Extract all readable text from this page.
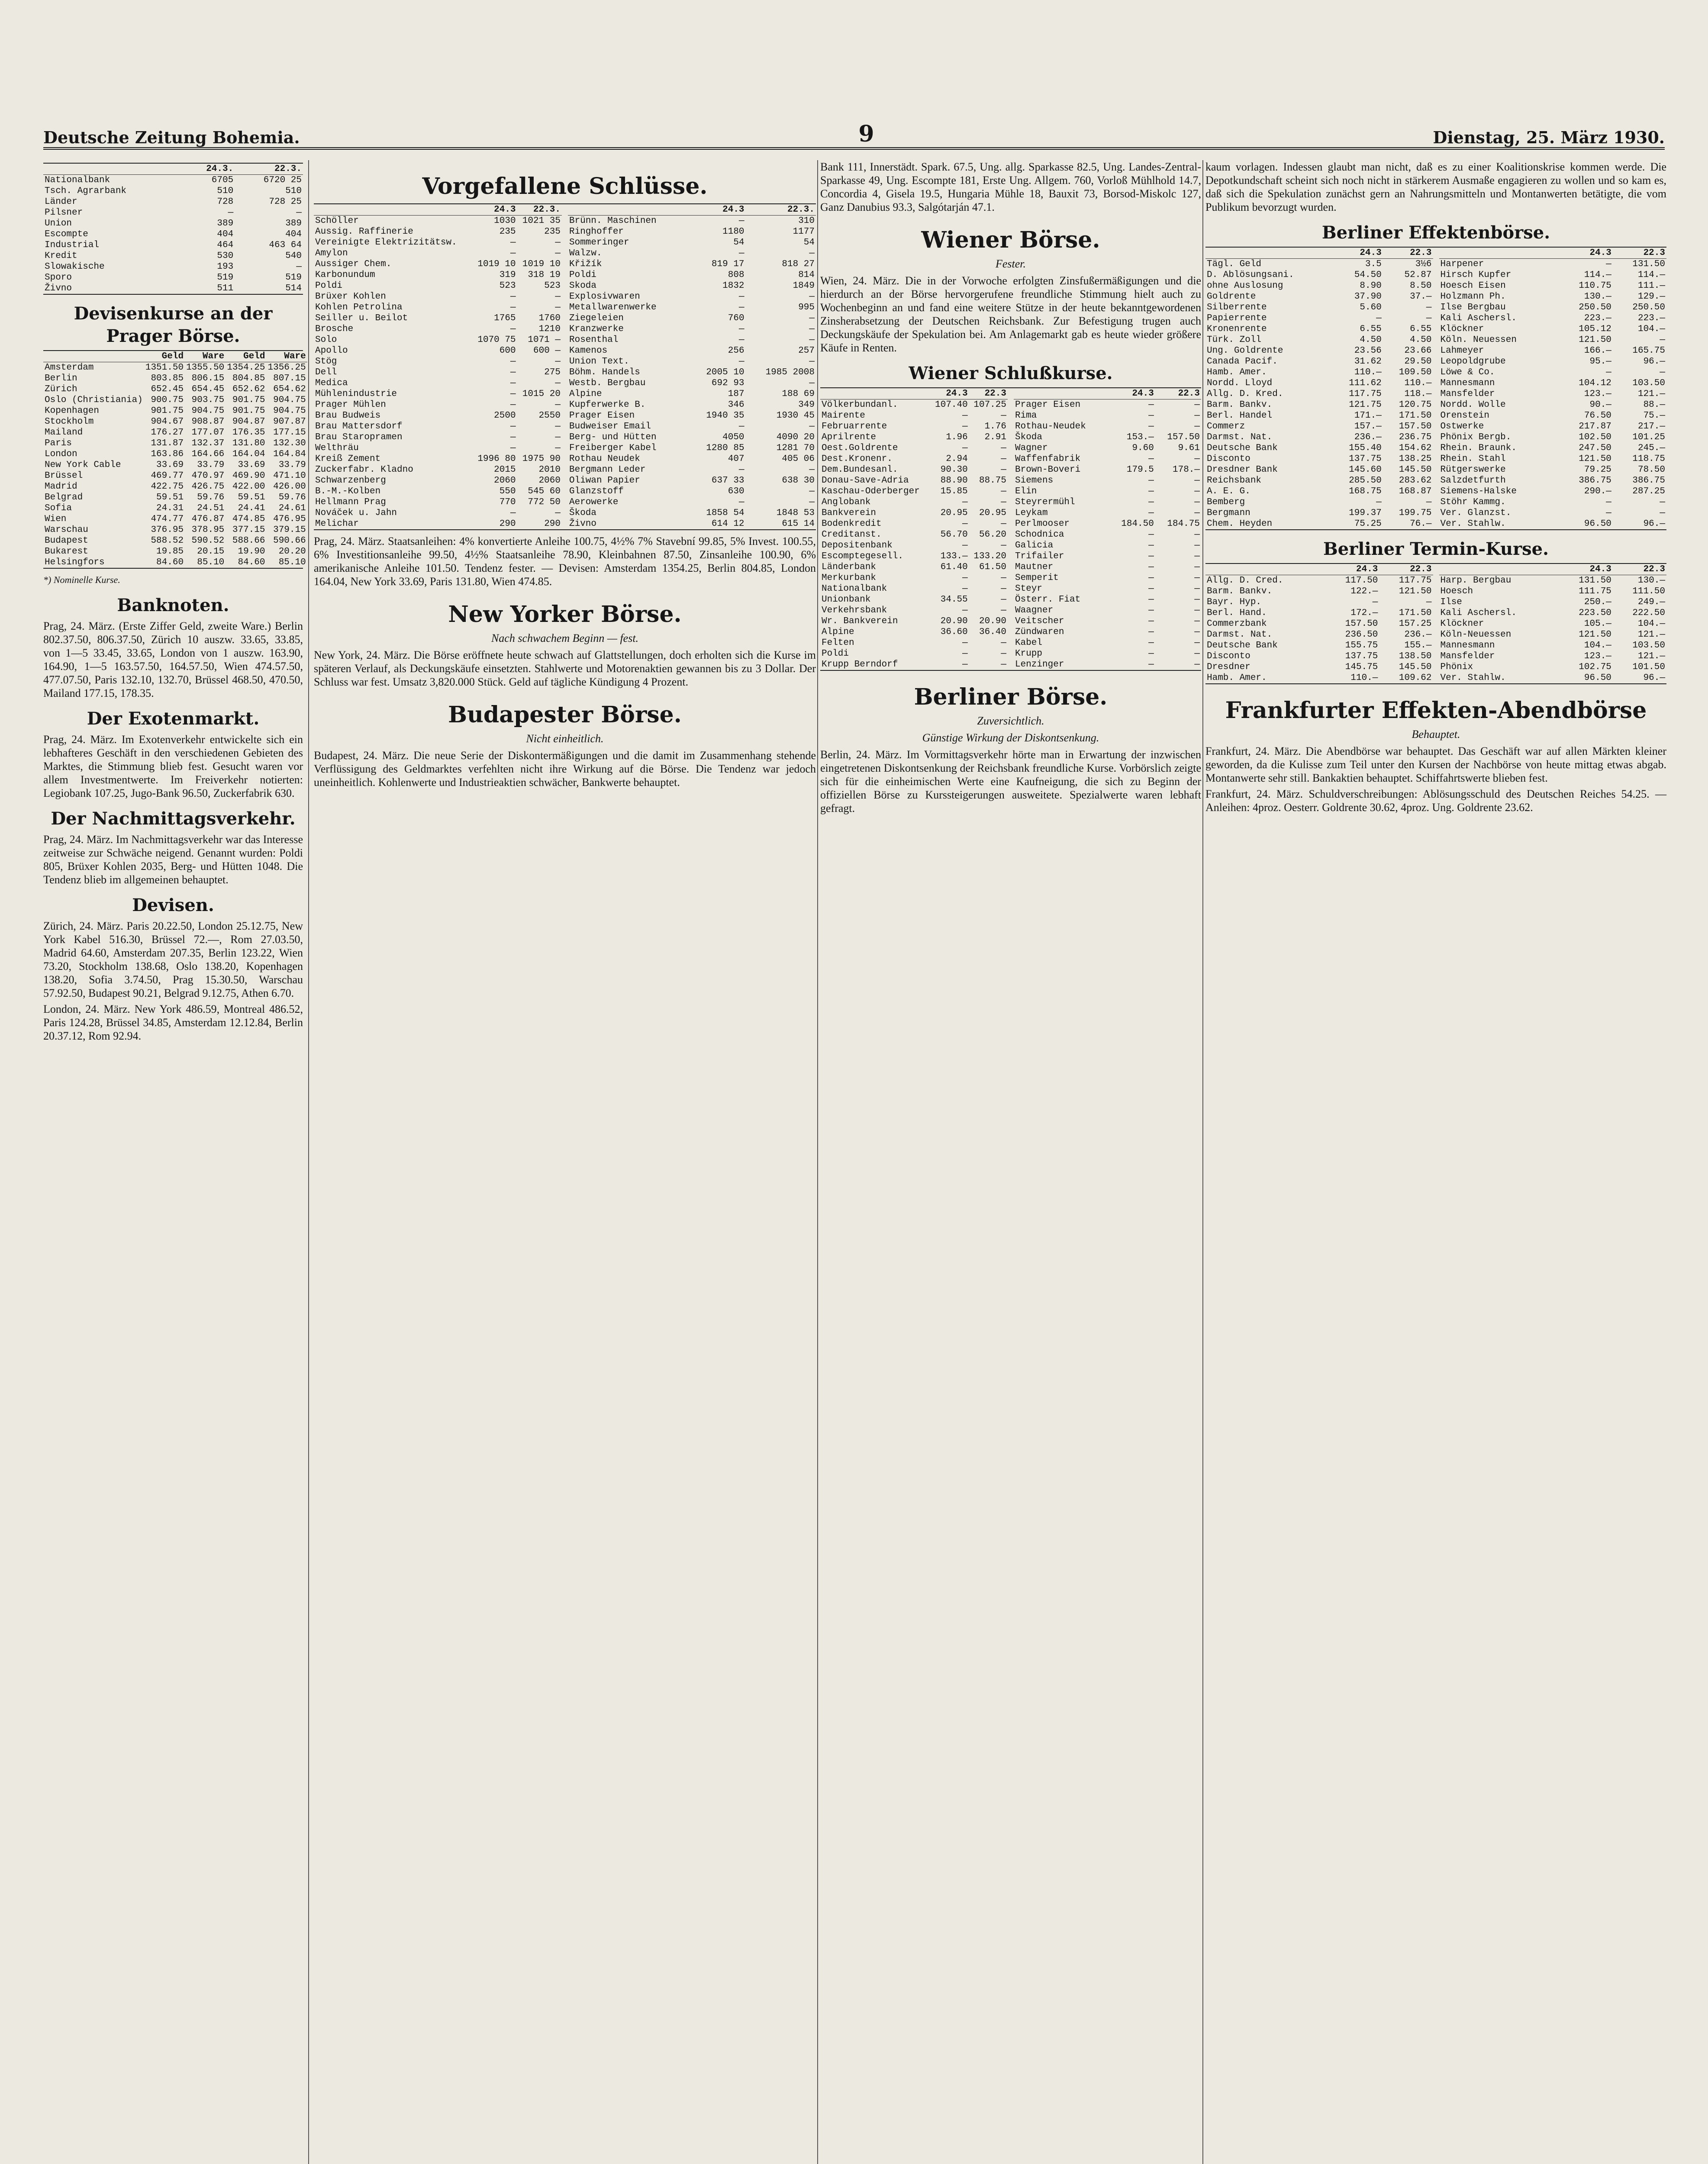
Deutsche Zeitung Bohemia.	9	Dienstag, 25. März 1930.
	24.3.	22.3.
Nationalbank	6705	6720 25
Tsch. Agrarbank	510	510
Länder	728	728 25
Pilsner	—	—
Union	389	389
Escompte	404	404
Industrial	464	463 64
Kredit	530	540
Slowakische	193	—
Sporo	519	519
Živno	511	514
Devisenkurse an der Prager Börse.
	Geld	Ware	Geld	Ware
Amsterdam	1351.50	1355.50	1354.25	1356.25
Berlin	803.85	806.15	804.85	807.15
Zürich	652.45	654.45	652.62	654.62
Oslo (Christiania)	900.75	903.75	901.75	904.75
Kopenhagen	901.75	904.75	901.75	904.75
Stockholm	904.67	908.87	904.87	907.87
Mailand	176.27	177.07	176.35	177.15
Paris	131.87	132.37	131.80	132.30
London	163.86	164.66	164.04	164.84
New York Cable	33.69	33.79	33.69	33.79
Brüssel	469.77	470.97	469.90	471.10
Madrid	422.75	426.75	422.00	426.00
Belgrad	59.51	59.76	59.51	59.76
Sofia	24.31	24.51	24.41	24.61
Wien	474.77	476.87	474.85	476.95
Warschau	376.95	378.95	377.15	379.15
Budapest	588.52	590.52	588.66	590.66
Bukarest	19.85	20.15	19.90	20.20
Helsingfors	84.60	85.10	84.60	85.10
*) Nominelle Kurse.
Banknoten.

Prag, 24. März. (Erste Ziffer Geld, zweite Ware.) Berlin 802.37.50, 806.37.50, Zürich 10 auszw. 33.65, 33.85, von 1—5 33.45, 33.65, London von 1 auszw. 163.90, 164.90, 1—5 163.57.50, 164.57.50, Wien 474.57.50, 477.07.50, Paris 132.10, 132.70, Brüssel 468.50, 470.50, Mailand 177.15, 178.35.

Der Exotenmarkt.

Prag, 24. März. Im Exotenverkehr entwickelte sich ein lebhafteres Geschäft in den verschiedenen Gebieten des Marktes, die Stimmung blieb fest. Gesucht waren vor allem Investmentwerte. Im Freiverkehr notierten: Legiobank 107.25, Jugo-Bank 96.50, Zuckerfabrik 630.

Der Nachmittagsverkehr.

Prag, 24. März. Im Nachmittagsverkehr war das Interesse zeitweise zur Schwäche neigend. Genannt wurden: Poldi 805, Brüxer Kohlen 2035, Berg- und Hütten 1048. Die Tendenz blieb im allgemeinen behauptet.

Devisen.

Zürich, 24. März. Paris 20.22.50, London 25.12.75, New York Kabel 516.30, Brüssel 72.—, Rom 27.03.50, Madrid 64.60, Amsterdam 207.35, Berlin 123.22, Wien 73.20, Stockholm 138.68, Oslo 138.20, Kopenhagen 138.20, Sofia 3.74.50, Prag 15.30.50, Warschau 57.92.50, Budapest 90.21, Belgrad 9.12.75, Athen 6.70.

London, 24. März. New York 486.59, Montreal 486.52, Paris 124.28, Brüssel 34.85, Amsterdam 12.12.84, Berlin 20.37.12, Rom 92.94.

Vorgefallene Schlüsse.
	24.3	22.3.
Schöller	1030	1021 35
Aussig. Raffinerie	235	235
Vereinigte Elektrizitätsw.	—	—
Amylon	—	—
Aussiger Chem.	1019 10	1019 10
Karbonundum	319	318 19
Poldi	523	523
Brüxer Kohlen	—	—
Kohlen Petrolina	—	—
Seiller u. Beilot	1765	1760
Brosche	—	1210
Solo	1070 75	1071 —
Apollo	600	600 —
Stög	—	—
Dell	—	275
Medica	—	—
Mühlenindustrie	—	1015 20
Prager Mühlen	—	—
Brau Budweis	2500	2550
Brau Mattersdorf	—	—
Brau Staropramen	—	—
Welthräu	—	—
Kreiß Zement	1996 80	1975 90
Zuckerfabr. Kladno	2015	2010
Schwarzenberg	2060	2060
B.-M.-Kolben	550	545 60
Hellmann Prag	770	772 50
Nováček u. Jahn	—	—
Melichar	290	290
	24.3	22.3.
Brünn. Maschinen	—	310
Ringhoffer	1180	1177
Sommeringer	54	54
Walzw.	—	—
Křižík	819 17	818 27
Poldi	808	814
Skoda	1832	1849
Explosivwaren	—	—
Metallwarenwerke	—	995
Ziegeleien	760	—
Kranzwerke	—	—
Rosenthal	—	—
Kamenos	256	257
Union Text.	—	—
Böhm. Handels	2005 10	1985 2008
Westb. Bergbau	692 93	—
Alpine	187	188 69
Kupferwerke B.	346	349
Prager Eisen	1940 35	1930 45
Budweiser Email	—	—
Berg- und Hütten	4050	4090 20
Freiberger Kabel	1280 85	1281 70
Rothau Neudek	407	405 06
Bergmann Leder	—	—
Oliwan Papier	637 33	638 30
Glanzstoff	630	—
Aerowerke	—	—
Škoda	1858 54	1848 53
Živno	614 12	615 14

Prag, 24. März. Staatsanleihen: 4% konvertierte Anleihe 100.75, 4½% 7% Stavební 99.85, 5% Invest. 100.55, 6% Investitionsanleihe 99.50, 4½% Staatsanleihe 78.90, Kleinbahnen 87.50, Zinsanleihe 100.90, 6% amerikanische Anleihe 101.50. Tendenz fester. — Devisen: Amsterdam 1354.25, Berlin 804.85, London 164.04, New York 33.69, Paris 131.80, Wien 474.85.

New Yorker Börse.
Nach schwachem Beginn — fest.

New York, 24. März. Die Börse eröffnete heute schwach auf Glattstellungen, doch erholten sich die Kurse im späteren Verlauf, als Deckungskäufe einsetzten. Stahlwerte und Motorenaktien gewannen bis zu 3 Dollar. Der Schluss war fest. Umsatz 3,820.000 Stück. Geld auf tägliche Kündigung 4 Prozent.

Budapester Börse.
Nicht einheitlich.

Budapest, 24. März. Die neue Serie der Diskontermäßigungen und die damit im Zusammenhang stehende Verflüssigung des Geldmarktes verfehlten nicht ihre Wirkung auf die Börse. Die Tendenz war jedoch uneinheitlich. Kohlenwerte und Industrieaktien schwächer, Bankwerte behauptet.

Bank 111, Innerstädt. Spark. 67.5, Ung. allg. Sparkasse 82.5, Ung. Landes-Zentral-Sparkasse 49, Ung. Escompte 181, Erste Ung. Allgem. 760, Vorloß Mühlhold 14.7, Concordia 4, Gisela 19.5, Hungaria Mühle 18, Bauxit 73, Borsod-Miskolc 127, Ganz Danubius 93.3, Salgótarján 47.1.

Wiener Börse.
Fester.

Wien, 24. März. Die in der Vorwoche erfolgten Zinsfußermäßigungen und die hierdurch an der Börse hervorgerufene freundliche Stimmung hielt auch zu Wochenbeginn an und fand eine weitere Stütze in der heute bekanntgewordenen Zinsherabsetzung der Deutschen Reichsbank. Zur Befestigung trugen auch Deckungskäufe der Spekulation bei. Am Anlagemarkt gab es heute wieder größere Käufe in Renten.

Wiener Schlußkurse.
	24.3	22.3
Völkerbundanl.	107.40	107.25
Mairente	—	—
Februarrente	—	1.76
Aprilrente	1.96	2.91
Oest.Goldrente	—	—
Dest.Kronenr.	2.94	—
Dem.Bundesanl.	90.30	—
Donau-Save-Adria	88.90	88.75
Kaschau-Oderberger	15.85	—
Anglobank	—	—
Bankverein	20.95	20.95
Bodenkredit	—	—
Creditanst.	56.70	56.20
Depositenbank	—	—
Escomptegesell.	133.—	133.20
Länderbank	61.40	61.50
Merkurbank	—	—
Nationalbank	—	—
Unionbank	34.55	—
Verkehrsbank	—	—
Wr. Bankverein	20.90	20.90
Alpine	36.60	36.40
Felten	—	—
Poldi	—	—
Krupp Berndorf	—	—
	24.3	22.3
Prager Eisen	—	—
Rima	—	—
Rothau-Neudek	—	—
Škoda	153.—	157.50
Wagner	9.60	9.61
Waffenfabrik	—	—
Brown-Boveri	179.5	178.—
Siemens	—	—
Elin	—	—
Steyrermühl	—	—
Leykam	—	—
Perlmooser	184.50	184.75
Schodnica	—	—
Galicia	—	—
Trifailer	—	—
Mautner	—	—
Semperit	—	—
Steyr	—	—
Österr. Fiat	—	—
Waagner	—	—
Veitscher	—	—
Zündwaren	—	—
Kabel	—	—
Krupp	—	—
Lenzinger	—	—
Berliner Börse.
Zuversichtlich.
Günstige Wirkung der Diskontsenkung.

Berlin, 24. März. Im Vormittagsverkehr hörte man in Erwartung der inzwischen eingetretenen Diskontsenkung der Reichsbank freundliche Kurse. Vorbörslich zeigte sich für die einheimischen Werte eine Kaufneigung, die sich zu Beginn der offiziellen Börse zu Kurssteigerungen ausweitete. Spezialwerte waren lebhaft gefragt.

kaum vorlagen. Indessen glaubt man nicht, daß es zu einer Koalitionskrise kommen werde. Die Depotkundschaft scheint sich noch nicht in stärkerem Ausmaße engagieren zu wollen und so kam es, daß sich die Spekulation zunächst gern an Nahrungsmitteln und Montanwerten betätigte, die vom Publikum bevorzugt wurden.

Berliner Effektenbörse.
	24.3	22.3
Tägl. Geld	3.5	3½6
D. Ablösungsani.	54.50	52.87
ohne Auslosung	8.90	8.50
Goldrente	37.90	37.—
Silberrente	5.60	—
Papierrente	—	—
Kronenrente	6.55	6.55
Türk. Zoll	4.50	4.50
Ung. Goldrente	23.56	23.66
Canada Pacif.	31.62	29.50
Hamb. Amer.	110.—	109.50
Nordd. Lloyd	111.62	110.—
Allg. D. Kred.	117.75	118.—
Barm. Bankv.	121.75	120.75
Berl. Handel	171.—	171.50
Commerz	157.—	157.50
Darmst. Nat.	236.—	236.75
Deutsche Bank	155.40	154.62
Disconto	137.75	138.25
Dresdner Bank	145.60	145.50
Reichsbank	285.50	283.62
A. E. G.	168.75	168.87
Bemberg	—	—
Bergmann	199.37	199.75
Chem. Heyden	75.25	76.—
	24.3	22.3
Harpener	—	131.50
Hirsch Kupfer	114.—	114.—
Hoesch Eisen	110.75	111.—
Holzmann Ph.	130.—	129.—
Ilse Bergbau	250.50	250.50
Kali Aschersl.	223.—	223.—
Klöckner	105.12	104.—
Köln. Neuessen	121.50	—
Lahmeyer	166.—	165.75
Leopoldgrube	95.—	96.—
Löwe & Co.	—	—
Mannesmann	104.12	103.50
Mansfelder	123.—	121.—
Nordd. Wolle	90.—	88.—
Orenstein	76.50	75.—
Ostwerke	217.87	217.—
Phönix Bergb.	102.50	101.25
Rhein. Braunk.	247.50	245.—
Rhein. Stahl	121.50	118.75
Rütgerswerke	79.25	78.50
Salzdetfurth	386.75	386.75
Siemens-Halske	290.—	287.25
Stöhr Kammg.	—	—
Ver. Glanzst.	—	—
Ver. Stahlw.	96.50	96.—
Berliner Termin-Kurse.
	24.3	22.3
Allg. D. Cred.	117.50	117.75
Barm. Bankv.	122.—	121.50
Bayr. Hyp.	—	—
Berl. Hand.	172.—	171.50
Commerzbank	157.50	157.25
Darmst. Nat.	236.50	236.—
Deutsche Bank	155.75	155.—
Disconto	137.75	138.50
Dresdner	145.75	145.50
Hamb. Amer.	110.—	109.62
	24.3	22.3
Harp. Bergbau	131.50	130.—
Hoesch	111.75	111.50
Ilse	250.—	249.—
Kali Aschersl.	223.50	222.50
Klöckner	105.—	104.—
Köln-Neuessen	121.50	121.—
Mannesmann	104.—	103.50
Mansfelder	123.—	121.—
Phönix	102.75	101.50
Ver. Stahlw.	96.50	96.—
Frankfurter Effekten-Abendbörse
Behauptet.

Frankfurt, 24. März. Die Abendbörse war behauptet. Das Geschäft war auf allen Märkten kleiner geworden, da die Kulisse zum Teil unter den Kursen der Nachbörse von heute mittag etwas abgab. Montanwerte sehr still. Bankaktien behauptet. Schiffahrtswerte blieben fest.

Frankfurt, 24. März. Schuldverschreibungen: Ablösungsschuld des Deutschen Reiches 54.25. — Anleihen: 4proz. Oesterr. Goldrente 30.62, 4proz. Ung. Goldrente 23.62.
